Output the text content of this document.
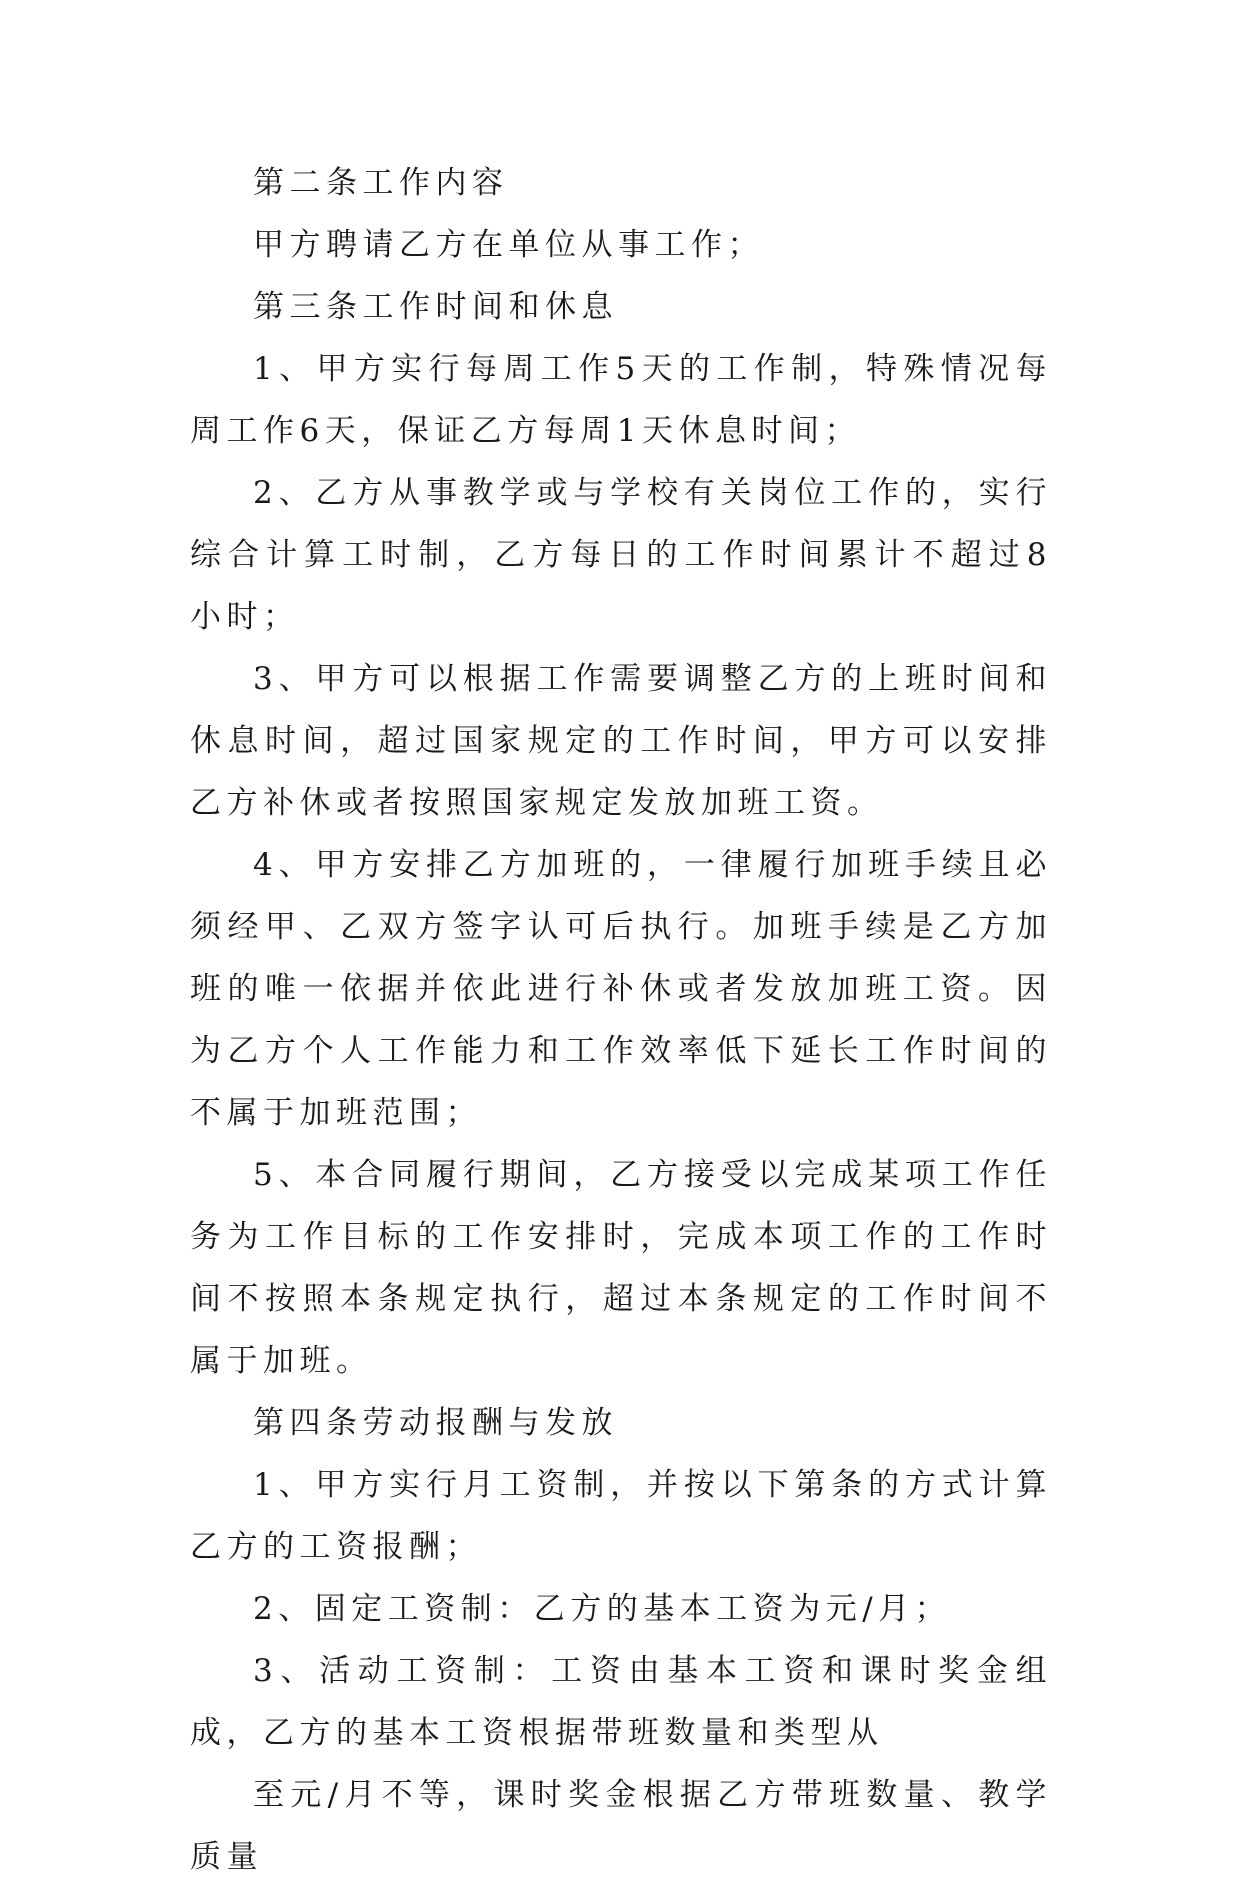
第二条工作内容

甲方聘请乙方在单位从事工作；

第三条工作时间和休息

1、甲方实行每周工作5天的工作制，特殊情况每周工作6天，保证乙方每周1天休息时间；

2、乙方从事教学或与学校有关岗位工作的，实行综合计算工时制，乙方每日的工作时间累计不超过8小时；

3、甲方可以根据工作需要调整乙方的上班时间和休息时间，超过国家规定的工作时间，甲方可以安排乙方补休或者按照国家规定发放加班工资。

4、甲方安排乙方加班的，一律履行加班手续且必须经甲、乙双方签字认可后执行。加班手续是乙方加班的唯一依据并依此进行补休或者发放加班工资。因为乙方个人工作能力和工作效率低下延长工作时间的不属于加班范围；

5、本合同履行期间，乙方接受以完成某项工作任务为工作目标的工作安排时，完成本项工作的工作时间不按照本条规定执行，超过本条规定的工作时间不属于加班。

第四条劳动报酬与发放

1、甲方实行月工资制，并按以下第条的方式计算乙方的工资报酬；

2、固定工资制：乙方的基本工资为元/月；

3、活动工资制：工资由基本工资和课时奖金组成，乙方的基本工资根据带班数量和类型从

至元/月不等，课时奖金根据乙方带班数量、教学质量
